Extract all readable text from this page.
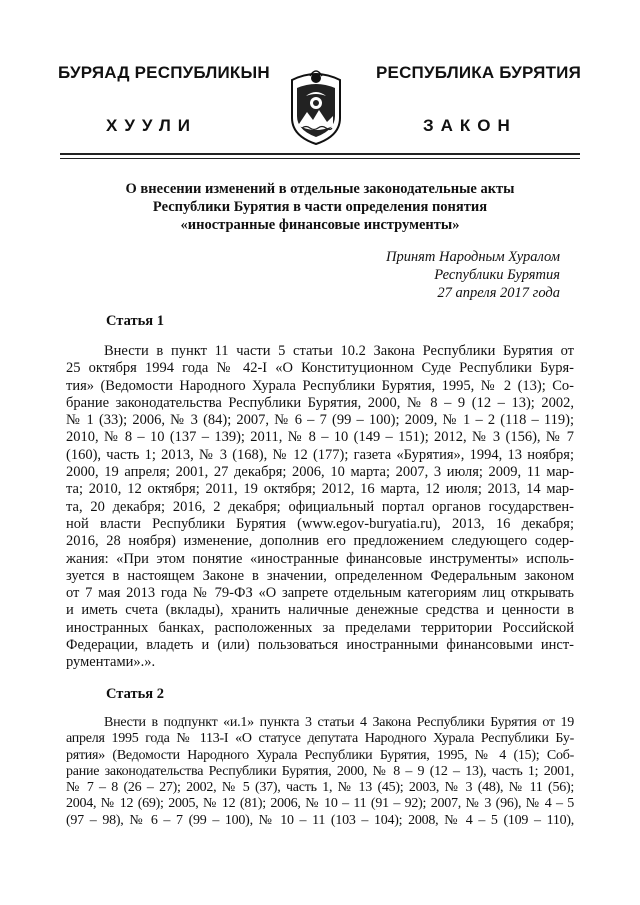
БУРЯАД РЕСПУБЛИКЫН
ХУУЛИ
РЕСПУБЛИКА БУРЯТИЯ
ЗАКОН
О внесении изменений в отдельные законодательные акты
Республики Бурятия в части определения понятия
«иностранные финансовые инструменты»
Принят Народным Хуралом
Республики Бурятия
27 апреля 2017 года
Статья 1
Внести в пункт 11 части 5 статьи 10.2 Закона Республики Бурятия от
25 октября 1994 года № 42-I «О Конституционном Суде Республики Буря-
тия» (Ведомости Народного Хурала Республики Бурятия, 1995, № 2 (13); Со-
брание законодательства Республики Бурятия, 2000, № 8 – 9 (12 – 13); 2002,
№ 1 (33); 2006, № 3 (84); 2007, № 6 – 7 (99 – 100); 2009, № 1 – 2 (118 – 119);
2010, № 8 – 10 (137 – 139); 2011, № 8 – 10 (149 – 151); 2012, № 3 (156), № 7
(160), часть 1; 2013, № 3 (168), № 12 (177); газета «Бурятия», 1994, 13 ноября;
2000, 19 апреля; 2001, 27 декабря; 2006, 10 марта; 2007, 3 июля; 2009, 11 мар-
та; 2010, 12 октября; 2011, 19 октября; 2012, 16 марта, 12 июля; 2013, 14 мар-
та, 20 декабря; 2016, 2 декабря; официальный портал органов государствен-
ной власти Республики Бурятия (www.egov-buryatia.ru), 2013, 16 декабря;
2016, 28 ноября) изменение, дополнив его предложением следующего содер-
жания: «При этом понятие «иностранные финансовые инструменты» исполь-
зуется в настоящем Законе в значении, определенном Федеральным законом
от 7 мая 2013 года № 79-ФЗ «О запрете отдельным категориям лиц открывать
и иметь счета (вклады), хранить наличные денежные средства и ценности в
иностранных банках, расположенных за пределами территории Российской
Федерации, владеть и (или) пользоваться иностранными финансовыми инст-
рументами».».
Статья 2
Внести в подпункт «и.1» пункта 3 статьи 4 Закона Республики Бурятия от 19
апреля 1995 года № 113-I «О статусе депутата Народного Хурала Республики Бу-
рятия» (Ведомости Народного Хурала Республики Бурятия, 1995, № 4 (15); Соб-
рание законодательства Республики Бурятия, 2000, № 8 – 9 (12 – 13), часть 1; 2001,
№ 7 – 8 (26 – 27); 2002, № 5 (37), часть 1, № 13 (45); 2003, № 3 (48), № 11 (56);
2004, № 12 (69); 2005, № 12 (81); 2006, № 10 – 11 (91 – 92); 2007, № 3 (96), № 4 – 5
(97 – 98), № 6 – 7 (99 – 100), № 10 – 11 (103 – 104); 2008, № 4 – 5 (109 – 110),
